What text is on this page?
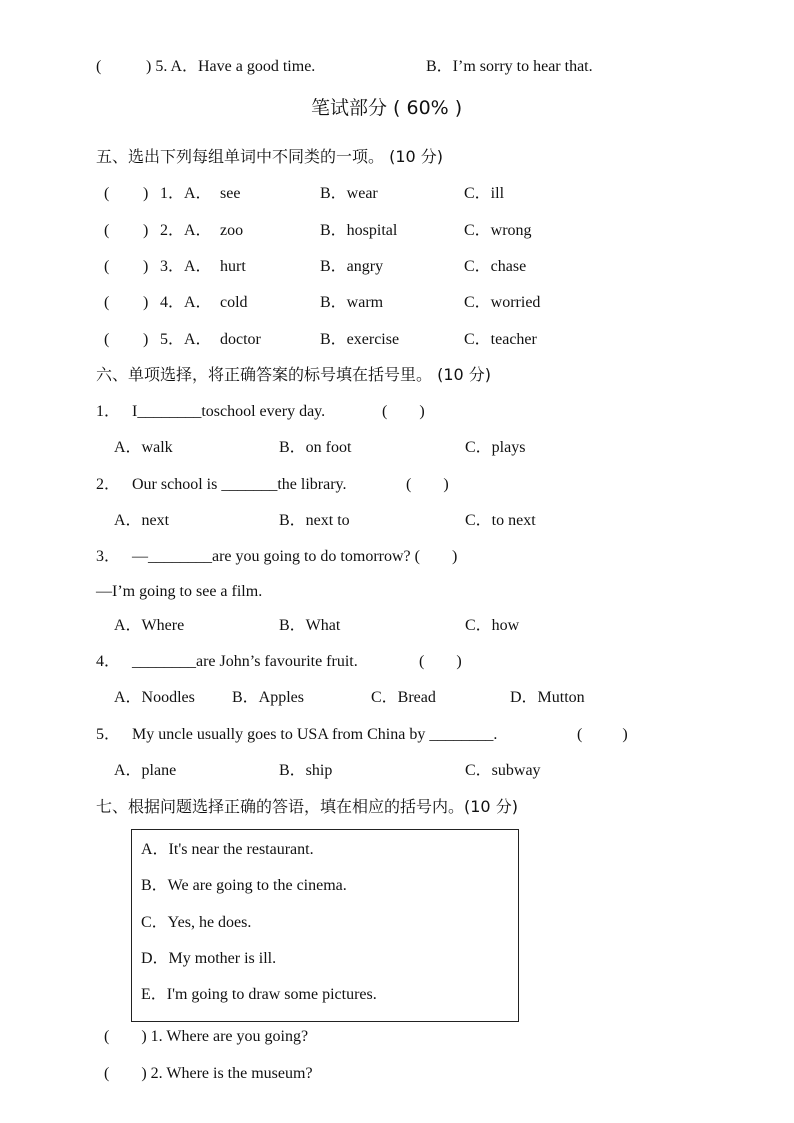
(	) 5. A．Have a good time.	B．I’m sorry to hear that.
笔试部分 ( 60% )
五、选出下列每组单词中不同类的一项。 (10 分)
( ) 1．A． see	B．wear	C．ill
( ) 2．A． zoo	B．hospital	C．wrong
( ) 3．A． hurt	B．angry	C．chase
( ) 4．A． cold	B．warm	C．worried
( ) 5．A． doctor	B．exercise	C．teacher
六、单项选择，将正确答案的标号填在括号里。 (10 分)
1． I________toschool every day.	(        )
A．walk	B．on foot	C．plays
2． Our school is _______the library.	(        )
A．next	B．next to	C．to next
3． —________are you going to do tomorrow? (        )
—I’m going to see a film.
A．Where	B．What	C．how
4． ________are John’s favourite fruit.	(        )
A．Noodles B．Apples	C．Bread	D．Mutton
5． My uncle usually goes to USA from China by ________.	(          )
A．plane	B．ship	C．subway
七、根据问题选择正确的答语，填在相应的括号内。(10 分)
A．It's near the restaurant.
B．We are going to the cinema.
C．Yes, he does.
D．My mother is ill.
E．I'm going to draw some pictures.
(        ) 1. Where are you going?
(        ) 2. Where is the museum?
